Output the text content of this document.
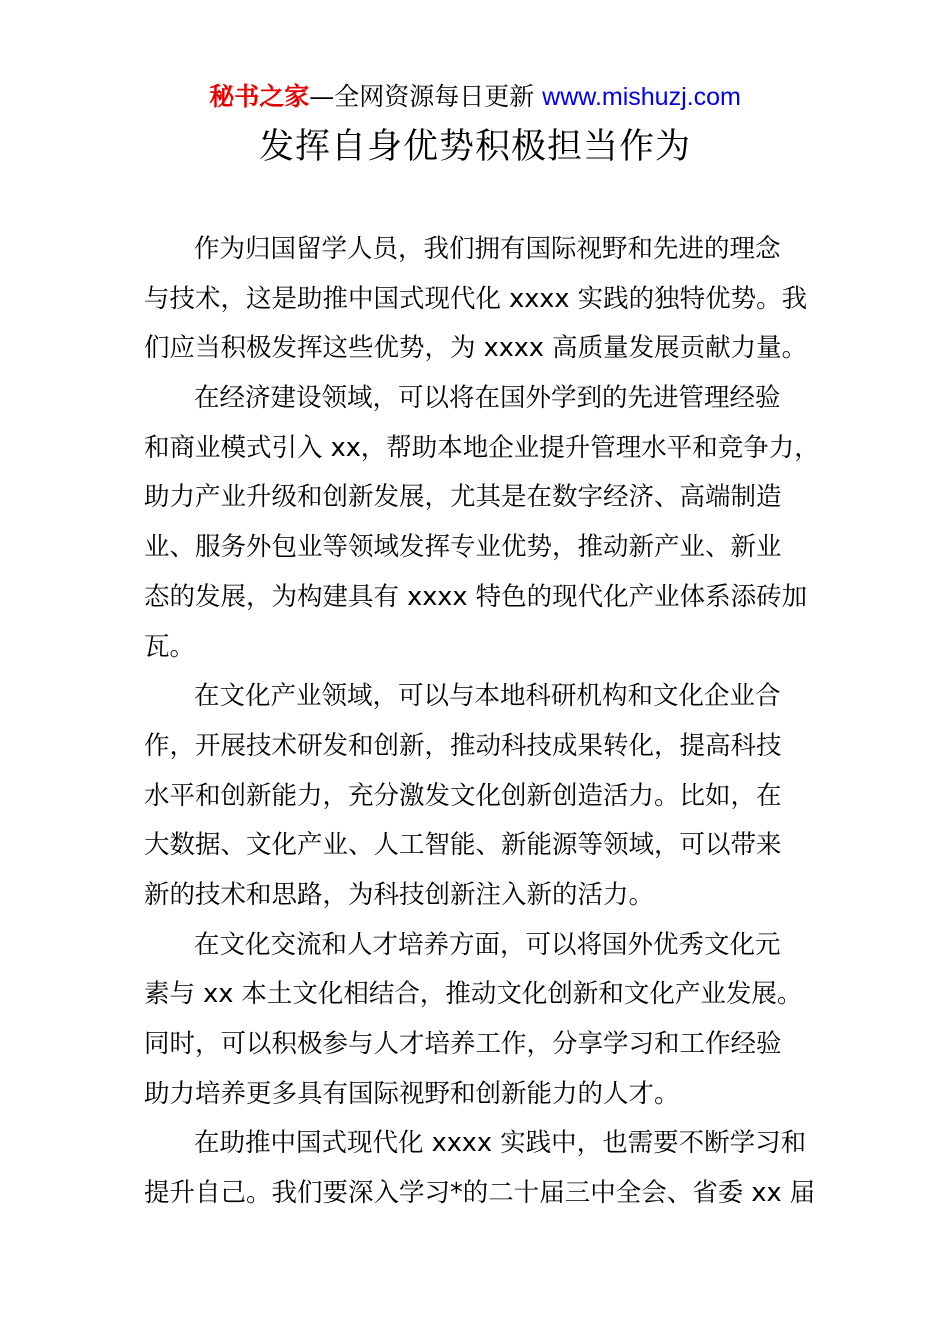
秘书之家—全网资源每日更新 www.mishuzj.com
发挥自身优势积极担当作为
作为归国留学人员，我们拥有国际视野和先进的理念
与技术，这是助推中国式现代化 xxxx 实践的独特优势。我
们应当积极发挥这些优势，为 xxxx 高质量发展贡献力量。
在经济建设领域，可以将在国外学到的先进管理经验
和商业模式引入 xx，帮助本地企业提升管理水平和竞争力，
助力产业升级和创新发展，尤其是在数字经济、高端制造
业、服务外包业等领域发挥专业优势，推动新产业、新业
态的发展，为构建具有 xxxx 特色的现代化产业体系添砖加
瓦。
在文化产业领域，可以与本地科研机构和文化企业合
作，开展技术研发和创新，推动科技成果转化，提高科技
水平和创新能力，充分激发文化创新创造活力。比如，在
大数据、文化产业、人工智能、新能源等领域，可以带来
新的技术和思路，为科技创新注入新的活力。
在文化交流和人才培养方面，可以将国外优秀文化元
素与 xx 本土文化相结合，推动文化创新和文化产业发展。
同时，可以积极参与人才培养工作，分享学习和工作经验
助力培养更多具有国际视野和创新能力的人才。
在助推中国式现代化 xxxx 实践中，也需要不断学习和
提升自己。我们要深入学习*的二十届三中全会、省委 xx 届
